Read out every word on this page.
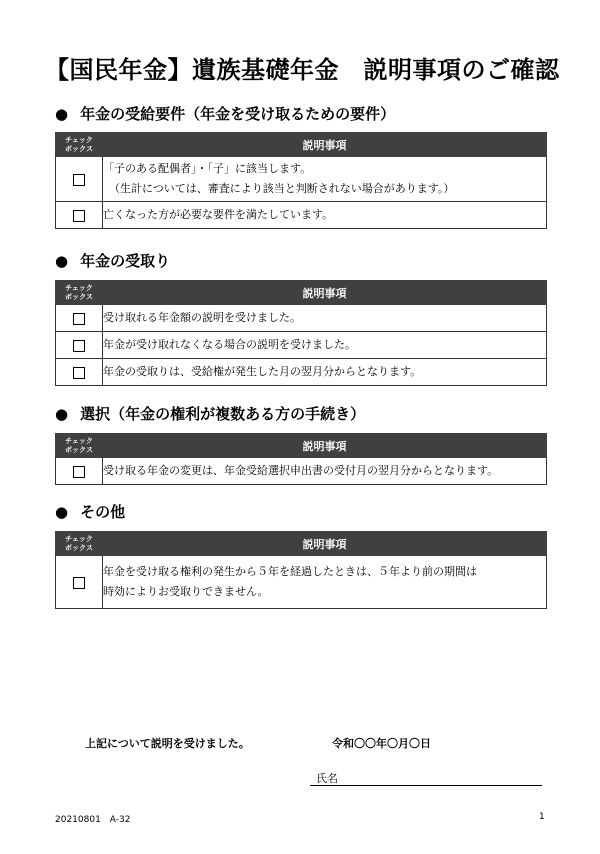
【国民年金】遺族基礎年金　説明事項のご確認
● 年金の受給要件（年金を受け取るための要件）
チェック
ボックス	説明事項
	「子のある配偶者」・「子」に該当します。
（生計については、審査により該当と判断されない場合があります。）

	亡くなった方が必要な要件を満たしています。
● 年金の受取り
チェック
ボックス	説明事項
	受け取れる年金額の説明を受けました。
	年金が受け取れなくなる場合の説明を受けました。
	年金の受取りは、受給権が発生した月の翌月分からとなります。
● 選択（年金の権利が複数ある方の手続き）
チェック
ボックス	説明事項
	受け取る年金の変更は、年金受給選択申出書の受付月の翌月分からとなります。
● その他
チェック
ボックス	説明事項
	年金を受け取る権利の発生から５年を経過したときは、５年より前の期間は
時効によりお受取りできません。
上記について説明を受けました。	令和〇〇年〇月〇日
氏名
20210801　A-32	1
